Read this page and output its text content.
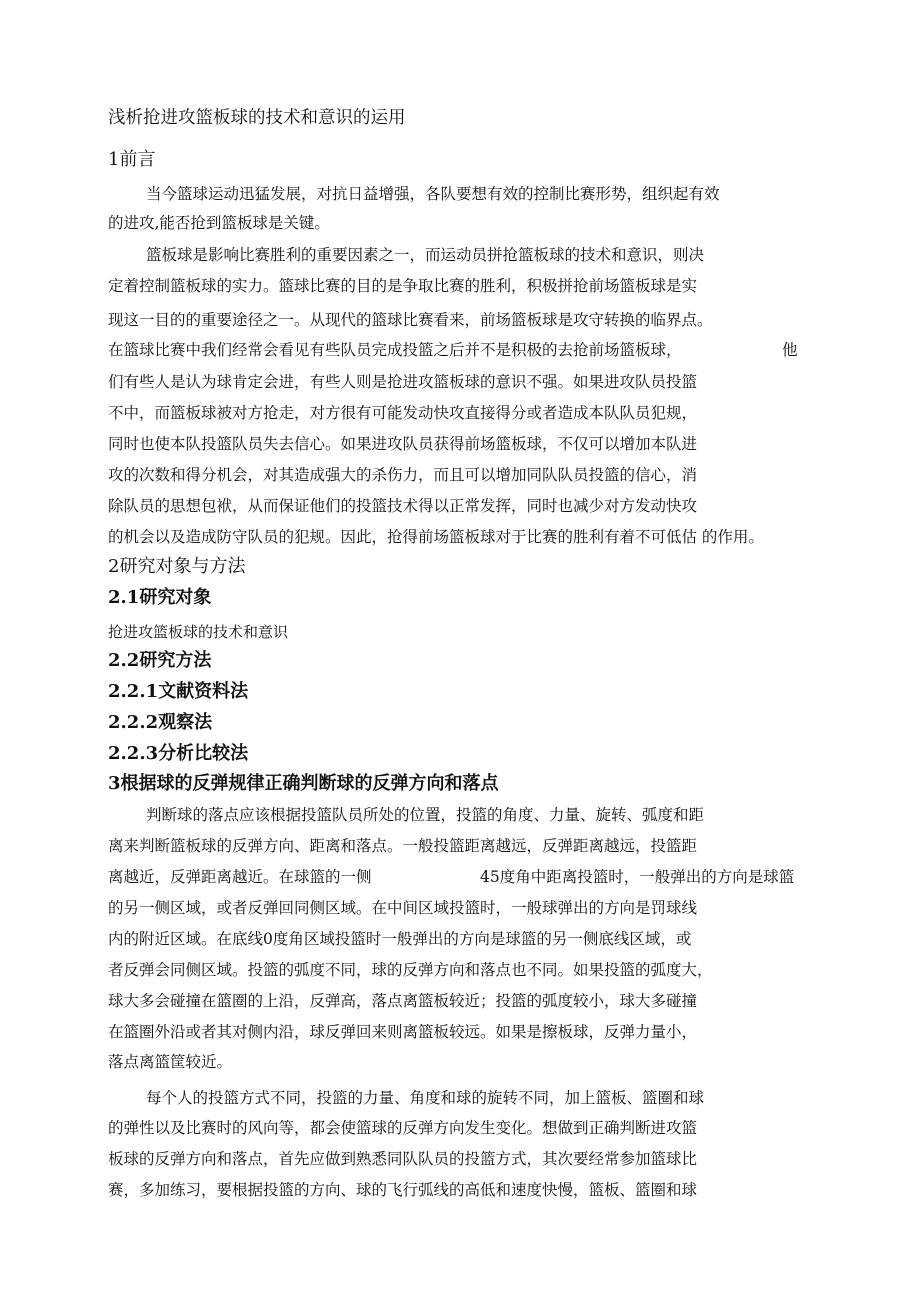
浅析抢进攻篮板球的技术和意识的运用

1前言

当今篮球运动迅猛发展，对抗日益增强，各队要想有效的控制比赛形势，组织起有效

的进攻,能否抢到篮板球是关键。

篮板球是影响比赛胜利的重要因素之一，而运动员拼抢篮板球的技术和意识，则决

定着控制篮板球的实力。篮球比赛的目的是争取比赛的胜利，积极拼抢前场篮板球是实

现这一目的的重要途径之一。从现代的篮球比赛看来，前场篮板球是攻守转换的临界点。

在篮球比赛中我们经常会看见有些队员完成投篮之后并不是积极的去抢前场篮板球，	他

们有些人是认为球肯定会进，有些人则是抢进攻篮板球的意识不强。如果进攻队员投篮

不中，而篮板球被对方抢走，对方很有可能发动快攻直接得分或者造成本队队员犯规，

同时也使本队投篮队员失去信心。如果进攻队员获得前场篮板球，不仅可以增加本队进

攻的次数和得分机会，对其造成强大的杀伤力，而且可以增加同队队员投篮的信心，消

除队员的思想包袱，从而保证他们的投篮技术得以正常发挥，同时也减少对方发动快攻

的机会以及造成防守队员的犯规。因此，抢得前场篮板球对于比赛的胜利有着不可低估 的作用。

2研究对象与方法

2.1研究对象

抢进攻篮板球的技术和意识

2.2研究方法

2.2.1文献资料法

2.2.2观察法

2.2.3分析比较法

3根据球的反弹规律正确判断球的反弹方向和落点

判断球的落点应该根据投篮队员所处的位置，投篮的角度、力量、旋转、弧度和距

离来判断篮板球的反弹方向、距离和落点。一般投篮距离越远，反弹距离越远，投篮距

离越近，反弹距离越近。在球篮的一侧	45度角中距离投篮时，一般弹出的方向是球篮

的另一侧区域，或者反弹回同侧区域。在中间区域投篮时，一般球弹出的方向是罚球线

内的附近区域。在底线0度角区域投篮时一般弹出的方向是球篮的另一侧底线区域，或

者反弹会同侧区域。投篮的弧度不同，球的反弹方向和落点也不同。如果投篮的弧度大，

球大多会碰撞在篮圈的上沿，反弹高，落点离篮板较近；投篮的弧度较小，球大多碰撞

在篮圈外沿或者其对侧内沿，球反弹回来则离篮板较远。如果是擦板球，反弹力量小，

落点离篮筐较近。

每个人的投篮方式不同，投篮的力量、角度和球的旋转不同，加上篮板、篮圈和球

的弹性以及比赛时的风向等，都会使篮球的反弹方向发生变化。想做到正确判断进攻篮

板球的反弹方向和落点，首先应做到熟悉同队队员的投篮方式，其次要经常参加篮球比

赛，多加练习，要根据投篮的方向、球的飞行弧线的高低和速度快慢，篮板、篮圈和球
